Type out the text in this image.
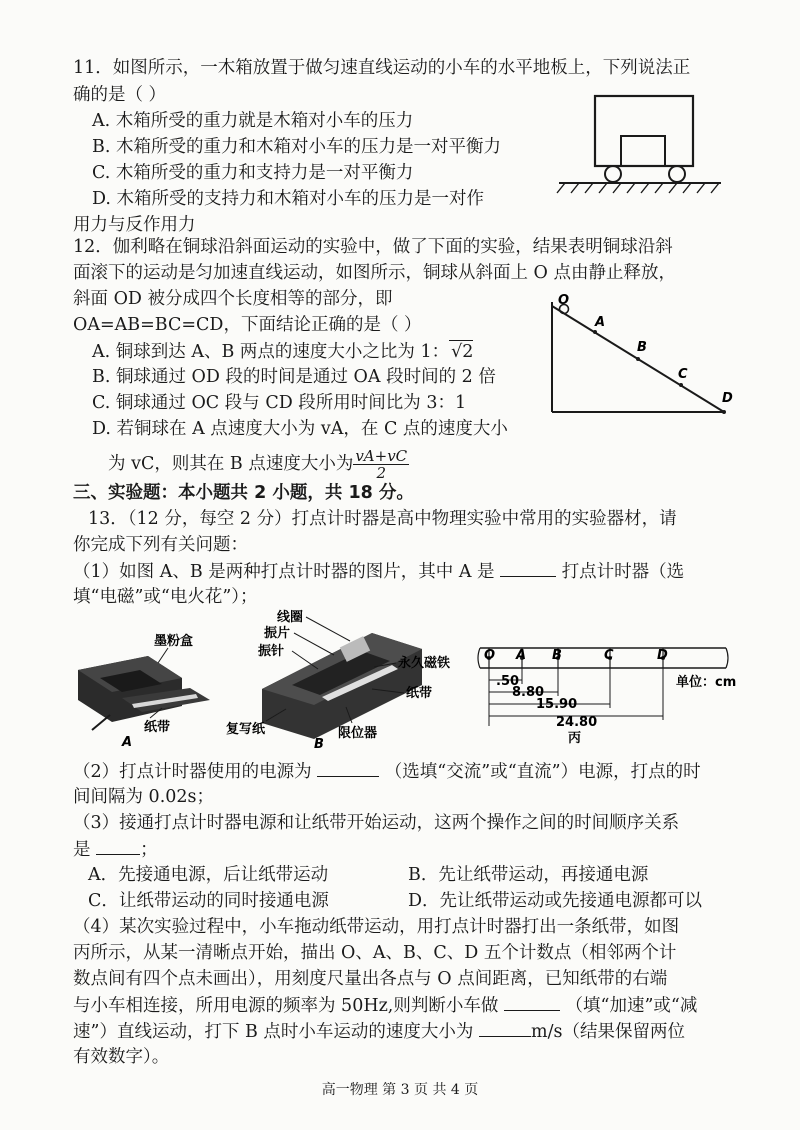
11．如图所示，一木箱放置于做匀速直线运动的小车的水平地板上，下列说法正
确的是（ ）
A. 木箱所受的重力就是木箱对小车的压力
B. 木箱所受的重力和木箱对小车的压力是一对平衡力
C. 木箱所受的重力和支持力是一对平衡力
D. 木箱所受的支持力和木箱对小车的压力是一对作
用力与反作用力
12．伽利略在铜球沿斜面运动的实验中，做了下面的实验，结果表明铜球沿斜
面滚下的运动是匀加速直线运动，如图所示，铜球从斜面上 O 点由静止释放，
斜面 OD 被分成四个长度相等的部分，即
OA=AB=BC=CD，下面结论正确的是（ ）
A. 铜球到达 A、B 两点的速度大小之比为 1： √2
B. 铜球通过 OD 段的时间是通过 OA 段时间的 2 倍
C. 铜球通过 OC 段与 CD 段所用时间比为 3：1
D. 若铜球在 A 点速度大小为 vA，在 C 点的速度大小
为 vC，则其在 B 点速度大小为 $\frac{vA+vC}{2}$
O
A
B
C
D
三、实验题：本小题共 2 小题，共 18 分。
13．（12 分，每空 2 分）打点计时器是高中物理实验中常用的实验器材，请
你完成下列有关问题：
（1）如图 A、B 是两种打点计时器的图片，其中 A 是	打点计时器（选
填“电磁”或“电火花”）；
墨粉盒
纸带
A
线圈
振片
振针
永久磁铁
纸带
复写纸	限位器
B
O A B	C	D
单位：cm
.50
8.80
15.90
24.80
丙
（2）打点计时器使用的电源为	（选填“交流”或“直流”）电源，打点的时
间间隔为 0.02s；
（3）接通打点计时器电源和让纸带开始运动，这两个操作之间的时间顺序关系
是	；
A．先接通电源，后让纸带运动	B．先让纸带运动，再接通电源
C．让纸带运动的同时接通电源	D．先让纸带运动或先接通电源都可以
（4）某次实验过程中，小车拖动纸带运动，用打点计时器打出一条纸带，如图
丙所示，从某一清晰点开始，描出 O、A、B、C、D 五个计数点（相邻两个计
数点间有四个点未画出），用刻度尺量出各点与 O 点间距离，已知纸带的右端
与小车相连接，所用电源的频率为 50Hz,则判断小车做	（填“加速”或“减
速”）直线运动，打下 B 点时小车运动的速度大小为	m/s（结果保留两位
有效数字）。
高一物理 第 3 页 共 4 页
